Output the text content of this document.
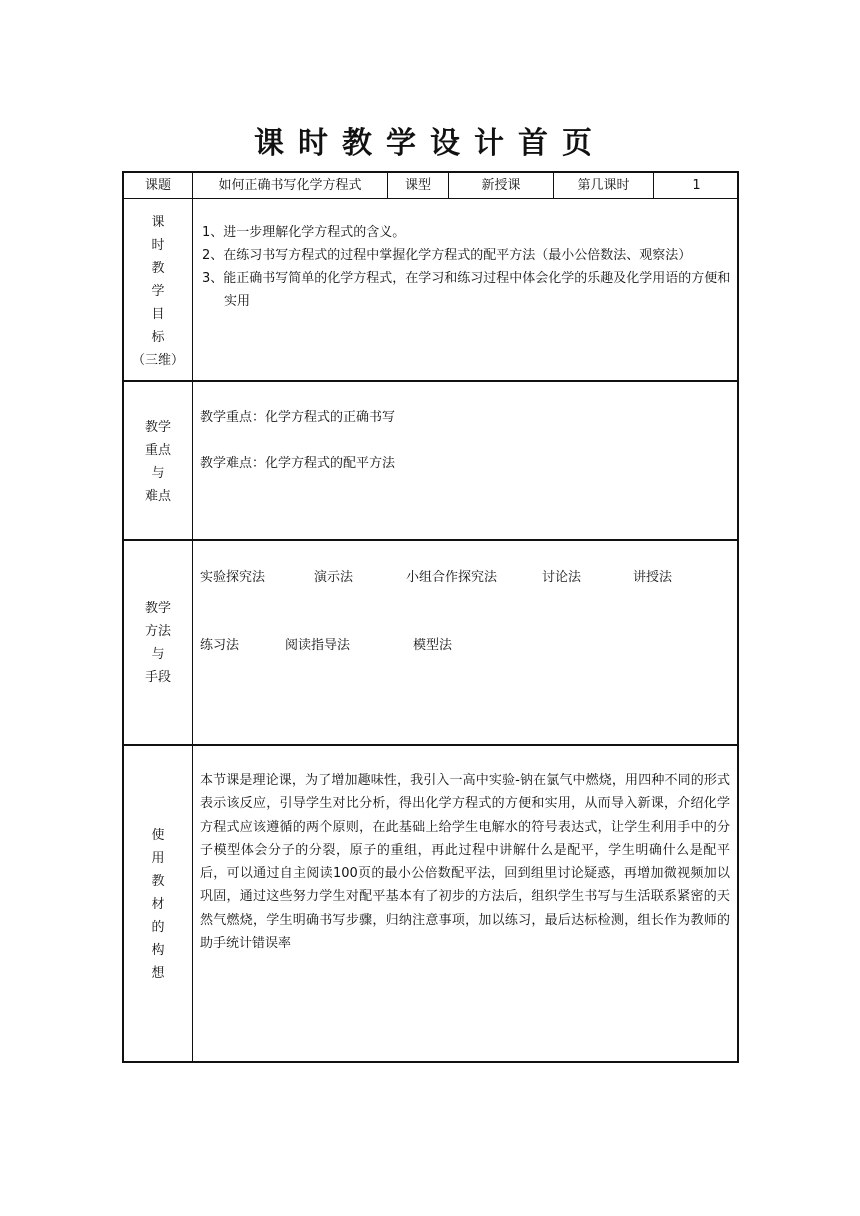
课时教学设计首页
课题	如何正确书写化学方程式	课型	新授课	第几课时	1
课
时
教
学
目
标
（三维）
1、进一步理解化学方程式的含义。
2、在练习书写方程式的过程中掌握化学方程式的配平方法（最小公倍数法、观察法）
3、能正确书写简单的化学方程式，在学习和练习过程中体会化学的乐趣及化学用语的方便和实用
教学
重点
与
难点
教学重点：化学方程式的正确书写
教学难点：化学方程式的配平方法
教学
方法
与
手段
实验探究法	演示法	小组合作探究法	讨论法	讲授法
练习法	阅读指导法	模型法
使
用
教
材
的
构
想
本节课是理论课，为了增加趣味性，我引入一高中实验-钠在氯气中燃烧，用四种不同的形式表示该反应，引导学生对比分析，得出化学方程式的方便和实用，从而导入新课，介绍化学方程式应该遵循的两个原则，在此基础上给学生电解水的符号表达式，让学生利用手中的分子模型体会分子的分裂，原子的重组，再此过程中讲解什么是配平，学生明确什么是配平后，可以通过自主阅读100页的最小公倍数配平法，回到组里讨论疑惑，再增加微视频加以巩固，通过这些努力学生对配平基本有了初步的方法后，组织学生书写与生活联系紧密的天然气燃烧，学生明确书写步骤，归纳注意事项，加以练习，最后达标检测，组长作为教师的助手统计错误率
